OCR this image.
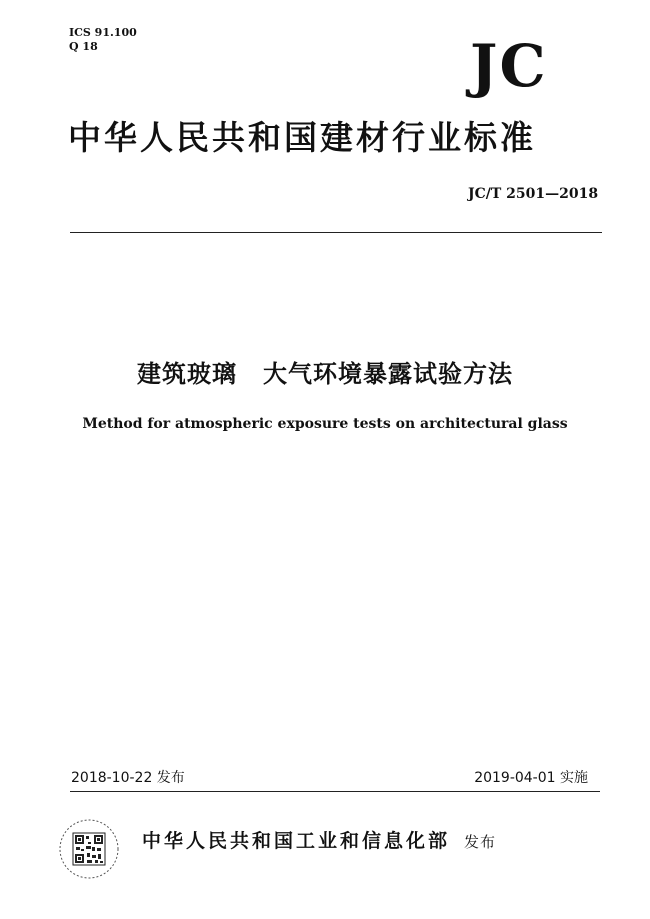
ICS 91.100
Q 18	JC
中华人民共和国建材行业标准
JC/T 2501—2018
建筑玻璃 大气环境暴露试验方法
Method for atmospheric exposure tests on architectural glass
2018-10-22 发布	2019-04-01 实施
中华人民共和国工业和信息化部 发布
